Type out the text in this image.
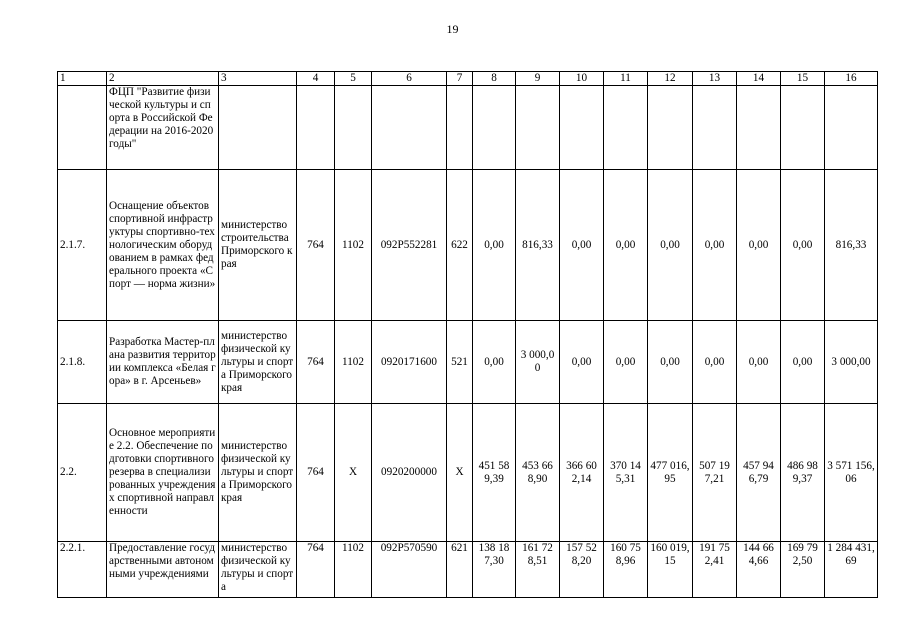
19
1	2	3	4	5	6	7	8	9	10	11	12	13	14	15	16
	ФЦП "Развитие физической культуры и спорта в Российской Федерации на 2016-2020 годы"														
2.1.7.	Оснащение объектов спортивной инфраструктуры спортивно-технологическим оборудованием в рамках федерального проекта «Спорт — норма жизни»	министерство строительства Приморского края	764	1102	092P552281	622	0,00	816,33	0,00	0,00	0,00	0,00	0,00	0,00	816,33
2.1.8.	Разработка Мастер-плана развития территории комплекса «Белая гора» в г. Арсеньев»	министерство физической культуры и спорта Приморского края	764	1102	0920171600	521	0,00	3 000,00	0,00	0,00	0,00	0,00	0,00	0,00	3 000,00
2.2.	Основное мероприятие 2.2. Обеспечение подготовки спортивного резерва в специализированных учреждениях спортивной направленности	министерство физической культуры и спорта Приморского края	764	X	0920200000	X	451 589,39	453 668,90	366 602,14	370 145,31	477 016,95	507 197,21	457 946,79	486 989,37	3 571 156,06
2.2.1.	Предоставление государственными автономными учреждениями	министерство физической культуры и спорта	764	1102	092P570590	621	138 187,30	161 728,51	157 528,20	160 758,96	160 019,15	191 752,41	144 664,66	169 792,50	1 284 431,69
